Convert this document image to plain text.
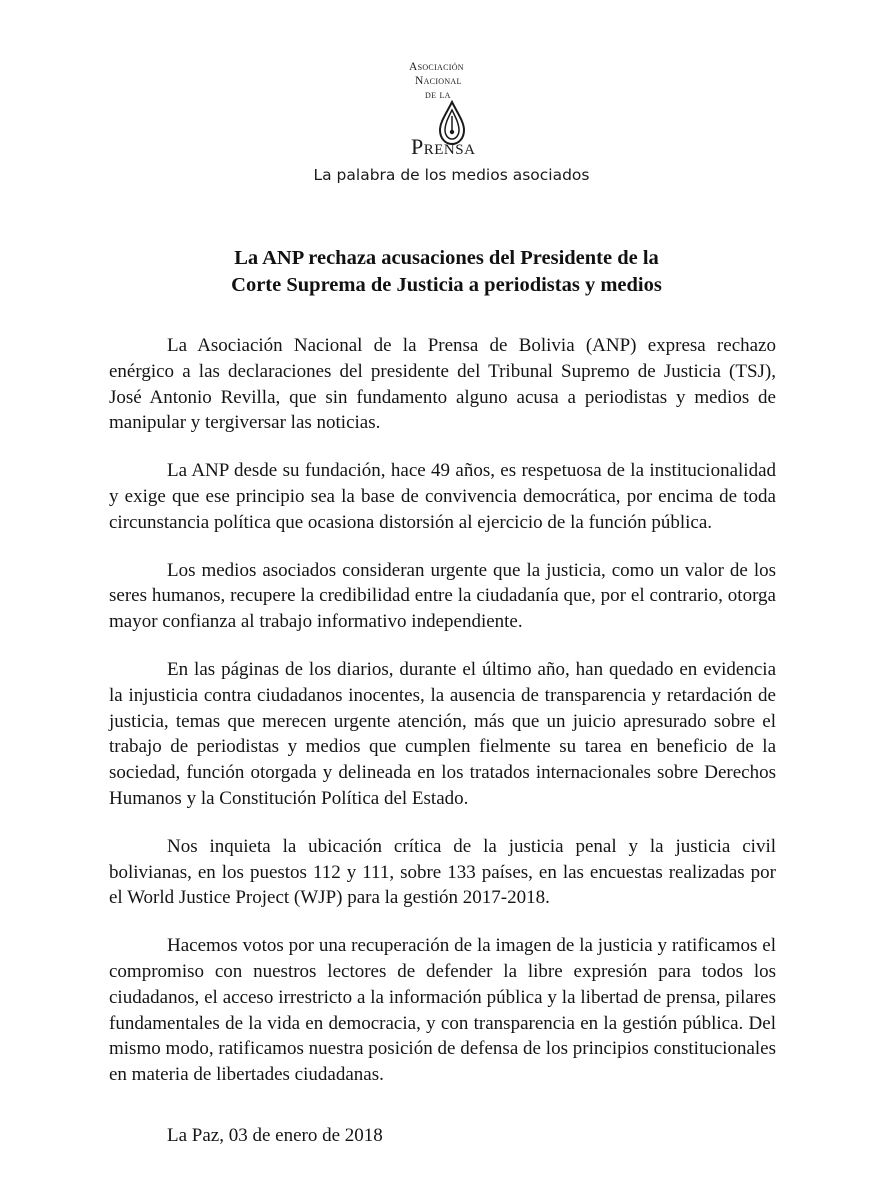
Asociación
Nacional
de la
Prensa
La palabra de los medios asociados
La ANP rechaza acusaciones del Presidente de la
Corte Suprema de Justicia a periodistas y medios

La Asociación Nacional de la Prensa de Bolivia (ANP) expresa rechazo enérgico a las declaraciones del presidente del Tribunal Supremo de Justicia (TSJ), José Antonio Revilla, que sin fundamento alguno acusa a periodistas y medios de manipular y tergiversar las noticias.

La ANP desde su fundación, hace 49 años, es respetuosa de la institucionalidad y exige que ese principio sea la base de convivencia democrática, por encima de toda circunstancia política que ocasiona distorsión al ejercicio de la función pública.

Los medios asociados consideran urgente que la justicia, como un valor de los seres humanos, recupere la credibilidad entre la ciudadanía que, por el contrario, otorga mayor confianza al trabajo informativo independiente.

En las páginas de los diarios, durante el último año, han quedado en evidencia la injusticia contra ciudadanos inocentes, la ausencia de transparencia y retardación de justicia, temas que merecen urgente atención, más que un juicio apresurado sobre el trabajo de periodistas y medios que cumplen fielmente su tarea en beneficio de la sociedad, función otorgada y delineada en los tratados internacionales sobre Derechos Humanos y la Constitución Política del Estado.

Nos inquieta la ubicación crítica de la justicia penal y la justicia civil bolivianas, en los puestos 112 y 111, sobre 133 países, en las encuestas realizadas por el World Justice Project (WJP) para la gestión 2017-2018.

Hacemos votos por una recuperación de la imagen de la justicia y ratificamos el compromiso con nuestros lectores de defender la libre expresión para todos los ciudadanos, el acceso irrestricto a la información pública y la libertad de prensa, pilares fundamentales de la vida en democracia, y con transparencia en la gestión pública. Del mismo modo, ratificamos nuestra posición de defensa de los principios constitucionales en materia de libertades ciudadanas.

La Paz, 03 de enero de 2018
